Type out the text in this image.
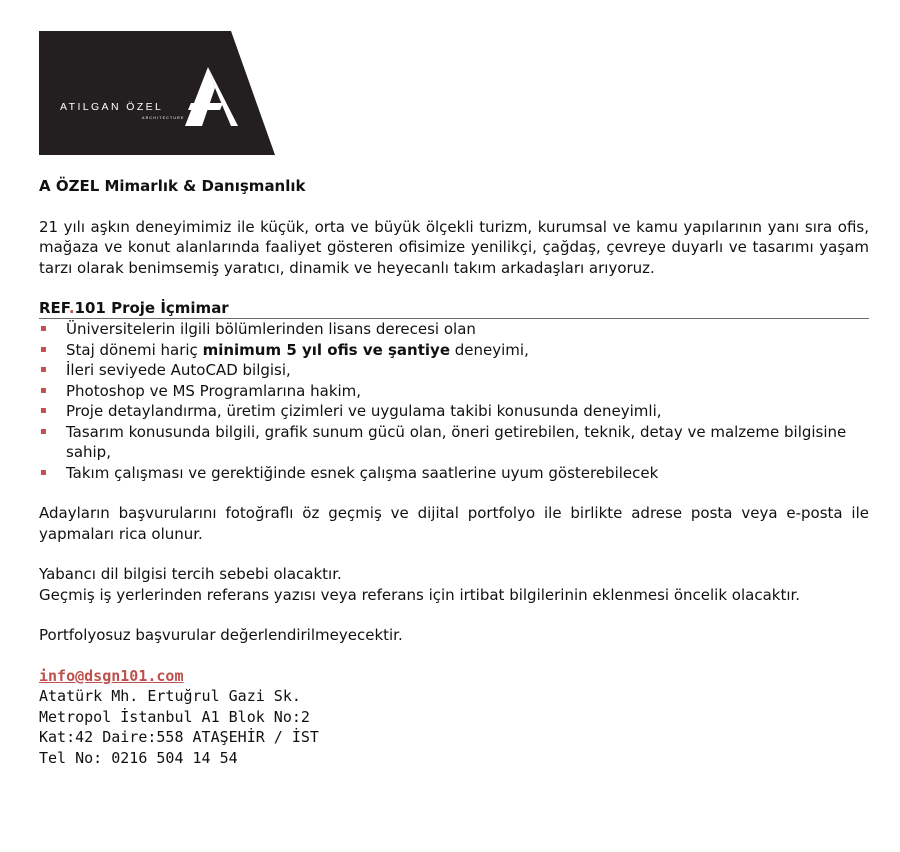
ATILGAN ÖZEL
ARCHITECTURE

A ÖZEL Mimarlık & Danışmanlık

21 yılı aşkın deneyimimiz ile küçük, orta ve büyük ölçekli turizm, kurumsal ve kamu yapılarının yanı sıra ofis, mağaza ve konut alanlarında faaliyet gösteren ofisimize yenilikçi, çağdaş, çevreye duyarlı ve tasarımı yaşam tarzı olarak benimsemiş yaratıcı, dinamik ve heyecanlı takım arkadaşları arıyoruz.

REF.101 Proje İçmimar

▪ Üniversitelerin ilgili bölümlerinden lisans derecesi olan
▪ Staj dönemi hariç minimum 5 yıl ofis ve şantiye deneyimi,
▪ İleri seviyede AutoCAD bilgisi,
▪ Photoshop ve MS Programlarına hakim,
▪ Proje detaylandırma, üretim çizimleri ve uygulama takibi konusunda deneyimli,
▪ Tasarım konusunda bilgili, grafik sunum gücü olan, öneri getirebilen, teknik, detay ve malzeme bilgisine sahip,
▪ Takım çalışması ve gerektiğinde esnek çalışma saatlerine uyum gösterebilecek

Adayların başvurularını fotoğraflı öz geçmiş ve dijital portfolyo ile birlikte adrese posta veya e-posta ile yapmaları rica olunur.

Yabancı dil bilgisi tercih sebebi olacaktır.

Geçmiş iş yerlerinden referans yazısı veya referans için irtibat bilgilerinin eklenmesi öncelik olacaktır.

Portfolyosuz başvurular değerlendirilmeyecektir.

info@dsgn101.com

Atatürk Mh. Ertuğrul Gazi Sk.

Metropol İstanbul A1 Blok No:2

Kat:42 Daire:558 ATAŞEHİR / İST

Tel No: 0216 504 14 54
